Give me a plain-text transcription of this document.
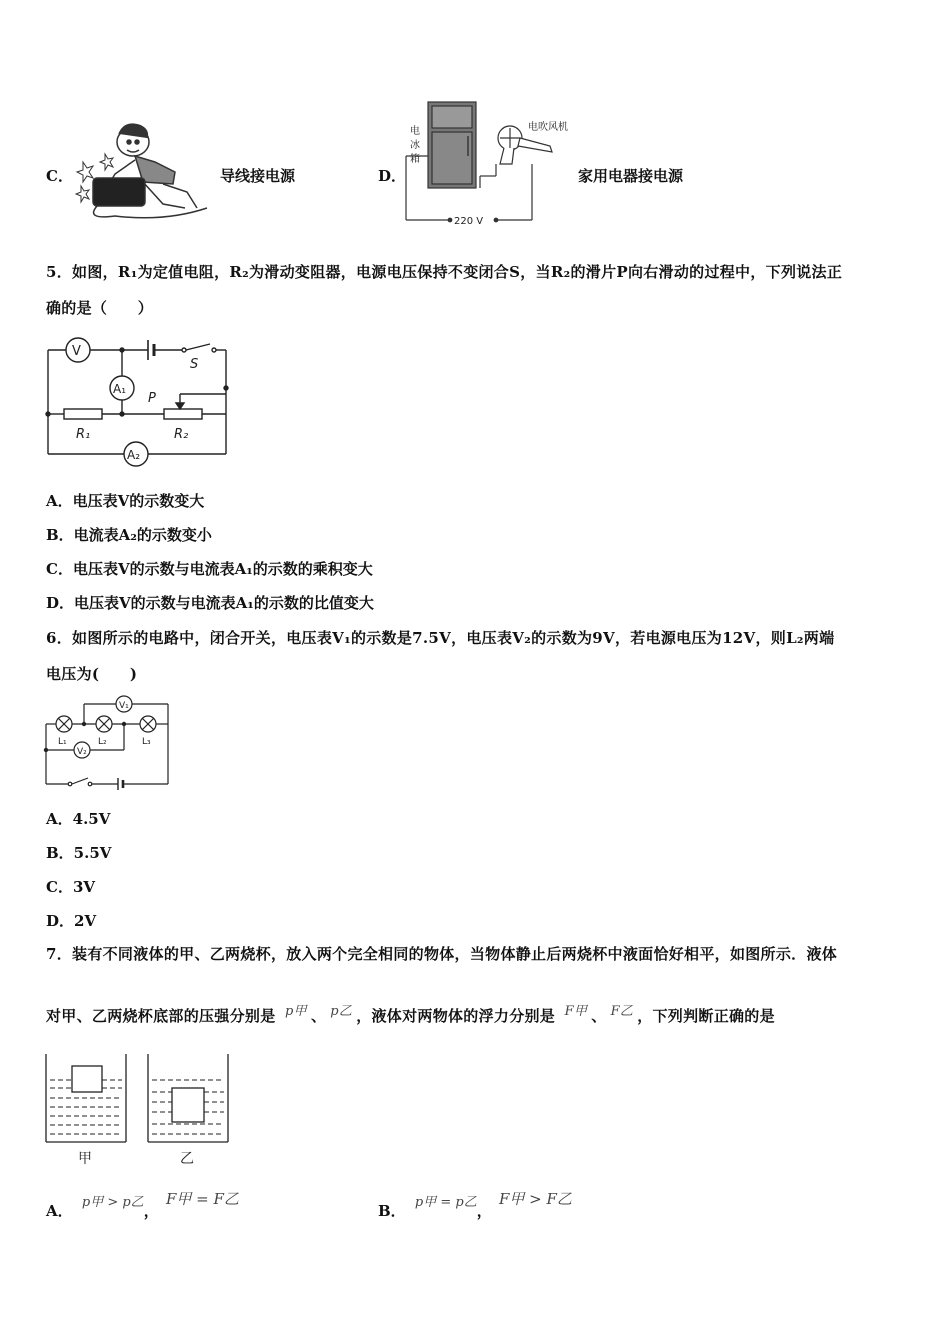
C．	导线接电源	D．
电
冰
箱
电吹风机
220 V
家用电器接电源
5．如图，R₁为定值电阻，R₂为滑动变阻器，电源电压保持不变闭合S，当R₂的滑片P向右滑动的过程中，下列说法正
确的是（　　）
V
A₁
A₂
S
P
R₁	R₂
A．电压表V的示数变大
B．电流表A₂的示数变小
C．电压表V的示数与电流表A₁的示数的乘积变大
D．电压表V的示数与电流表A₁的示数的比值变大
6．如图所示的电路中，闭合开关，电压表V₁的示数是7.5V，电压表V₂的示数为9V，若电源电压为12V，则L₂两端
电压为(　　)
V₁
V₂
L₁	L₂	L₃
A．4.5V
B．5.5V
C．3V
D．2V
7．装有不同液体的甲、乙两烧杯，放入两个完全相同的物体，当物体静止后两烧杯中液面恰好相平，如图所示．液体
对甲、乙两烧杯底部的压强分别是 p甲 、 p乙 ，液体对两物体的浮力分别是 F甲 、 F乙 ，下列判断正确的是
甲	乙
A． p甲 > p乙， F甲 = F乙
B． p甲 = p乙， F甲 > F乙
